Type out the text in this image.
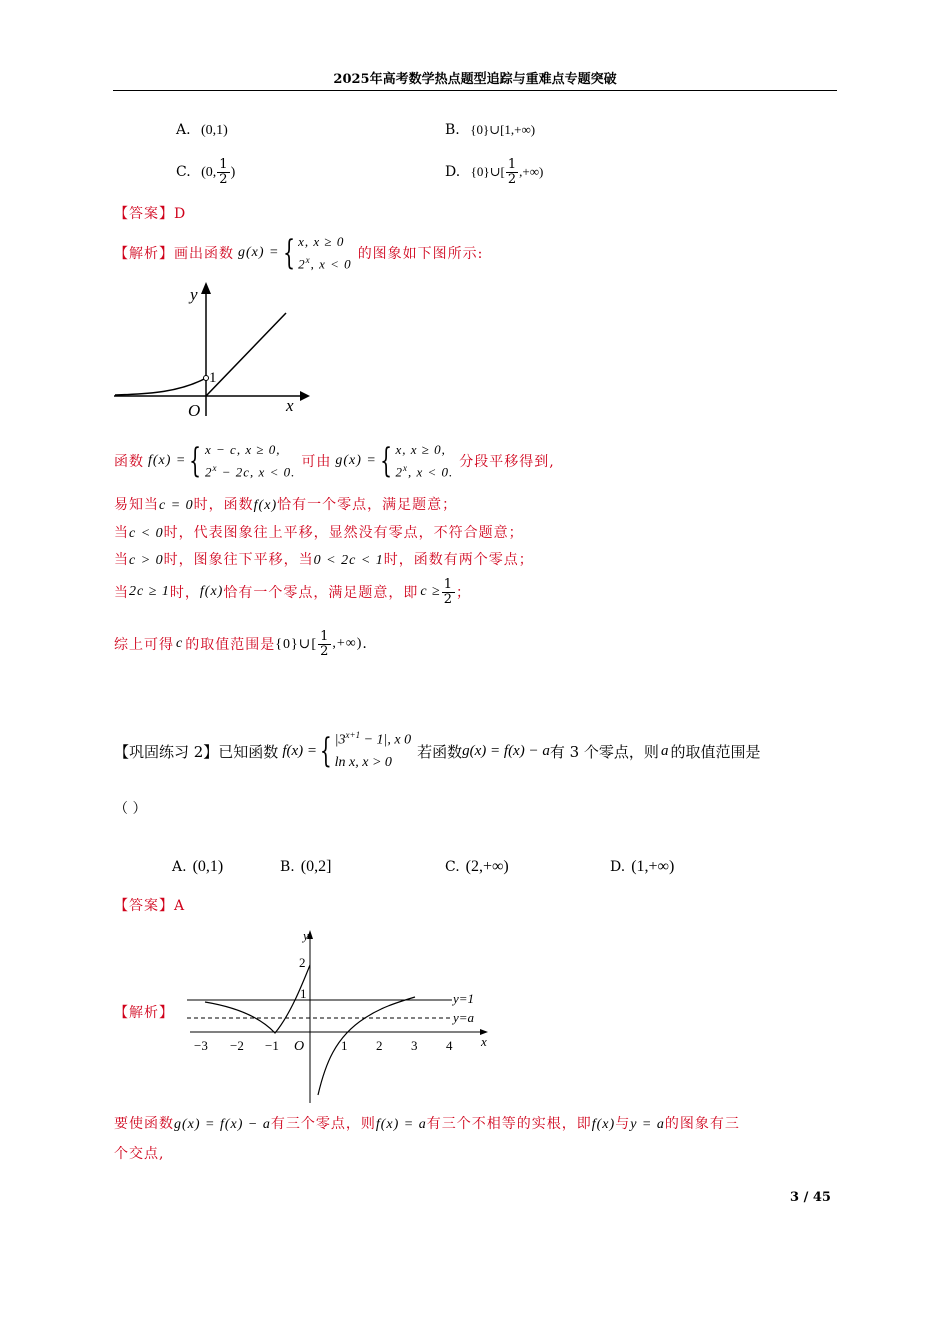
2025年高考数学热点题型追踪与重难点专题突破
A. (0,1)	B. {0}∪[1,+∞)
C. (0, $\frac{1}{2}$ )	D. {0}∪[ $\frac{1}{2}$ ,+∞)
【答案】D
【解析】 画出函数 g(x) = { x, x ≥ 0
2$^x$, x < 0
的图象如下图所示:
y
x
O
1
函数 f(x) = { x − c, x ≥ 0,
$2^x - 2c$, x < 0.
可由 g(x) = { x, x ≥ 0,
2$^x$, x < 0.
分段平移得到,
易知当c = 0时，函数f(x)恰有一个零点，满足题意；
当c < 0时，代表图象往上平移，显然没有零点，不符合题意；
当c > 0时，图象往下平移，当0 < 2c < 1时，函数有两个零点；
当 2c ≥ 1 时， f(x) 恰有一个零点，满足题意，即 $c \ge \frac{1}{2}$ ；
综上可得 c 的取值范围是 {0}∪[ $\frac{1}{2}$ ,+∞) .
【巩固练习 2】已知函数 f(x) = { $|3^{x+1} - 1|$, x 0
ln x, x > 0
若函数 g(x) = f(x) − a 有 3 个零点，则 a 的取值范围是
（ ）
A. (0,1)	B. (0,2]	C. (2,+∞)	D. (1,+∞)
【答案】A
【解析】
y
x
O
−3 −2 −1	1 2 3 4
2
1	y=1
y=a
要使函数g(x) = f(x) − a有三个零点，则f(x) = a有三个不相等的实根，即f(x)与y = a的图象有三
个交点,
3 / 45
